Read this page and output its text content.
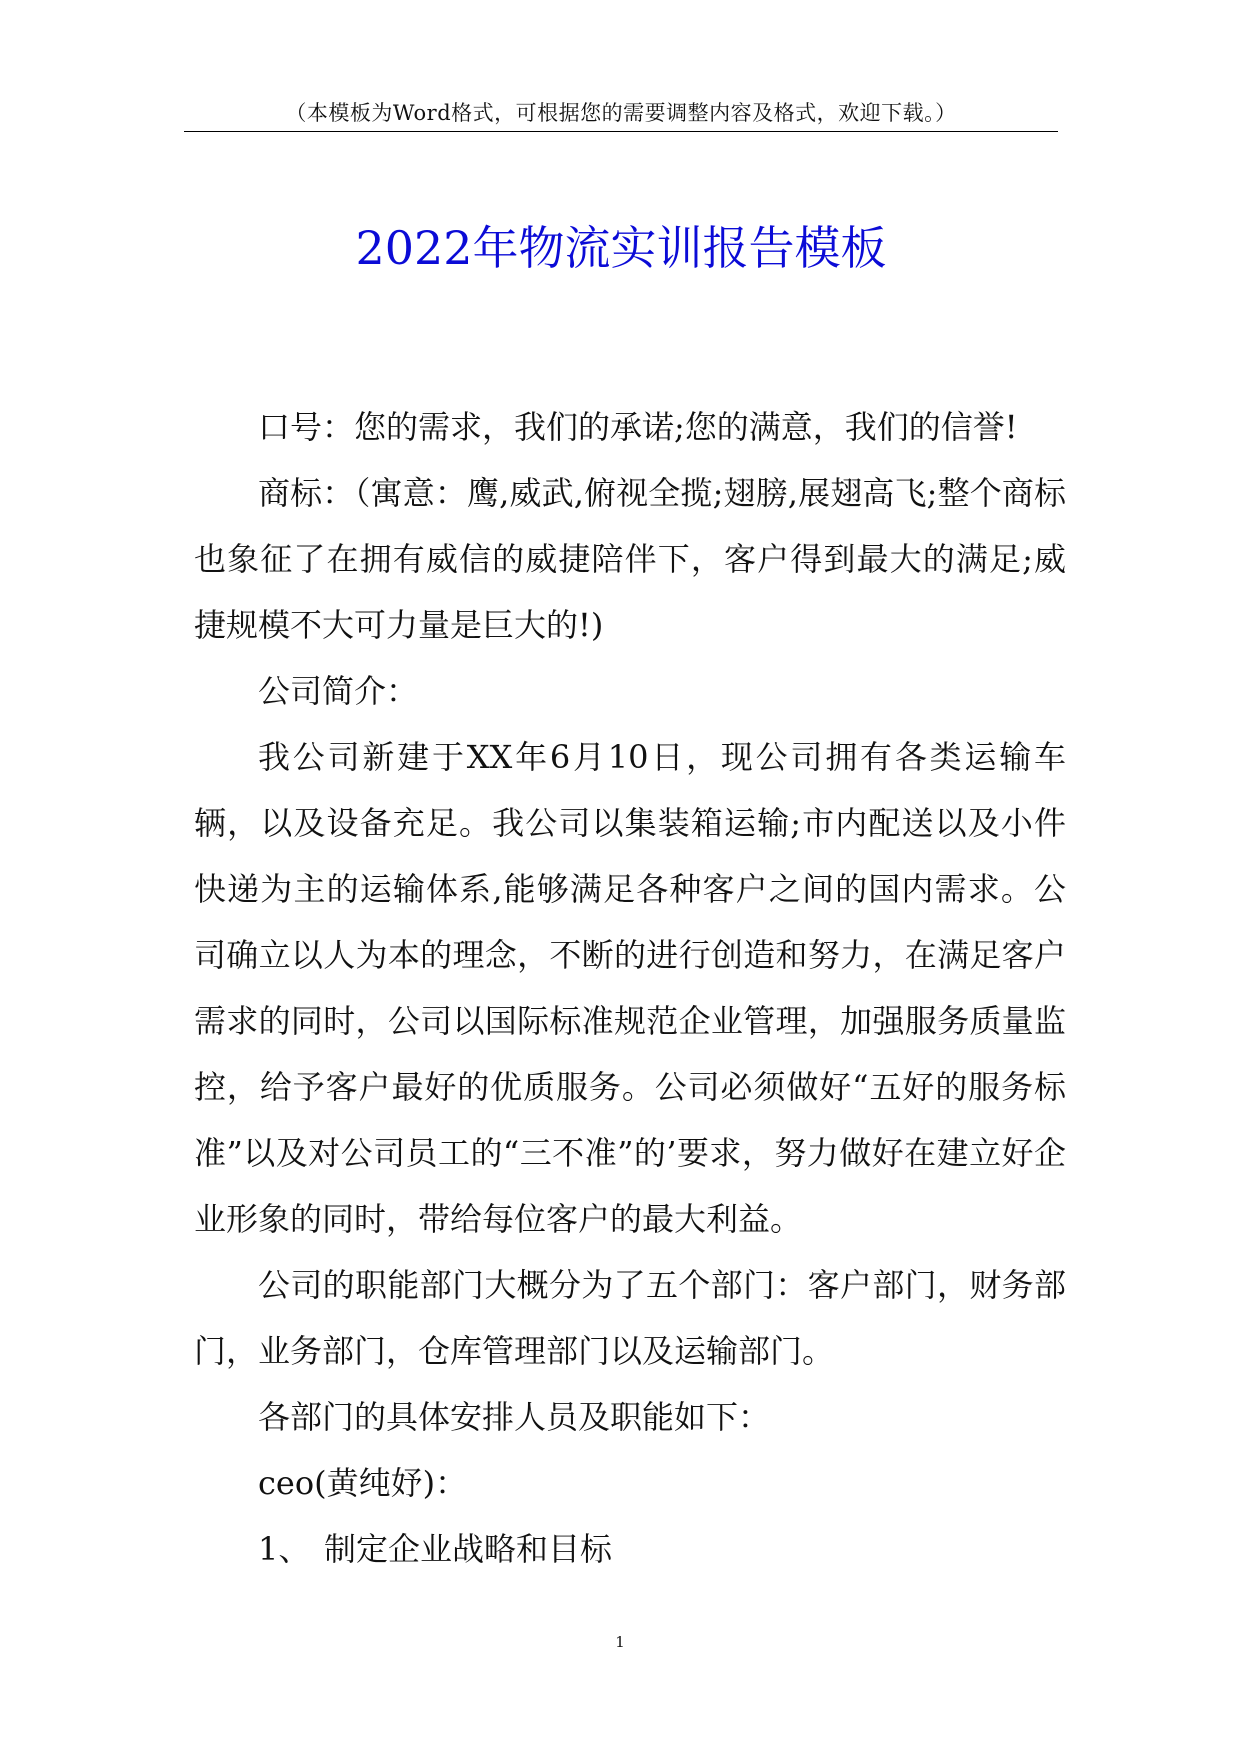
（本模板为Word格式，可根据您的需要调整内容及格式，欢迎下载。）
2022年物流实训报告模板

口号：您的需求，我们的承诺;您的满意，我们的信誉!

商标：（寓意：鹰,威武,俯视全揽;翅膀,展翅高飞;整个商标也象征了在拥有威信的威捷陪伴下，客户得到最大的满足;威捷规模不大可力量是巨大的!)

公司简介：

我公司新建于XX年6月10日，现公司拥有各类运输车辆，以及设备充足。我公司以集装箱运输;市内配送以及小件快递为主的运输体系,能够满足各种客户之间的国内需求。公司确立以人为本的理念，不断的进行创造和努力，在满足客户需求的同时，公司以国际标准规范企业管理，加强服务质量监控，给予客户最好的优质服务。公司必须做好“五好的服务标准”以及对公司员工的“三不准”的’要求，努力做好在建立好企业形象的同时，带给每位客户的最大利益。

公司的职能部门大概分为了五个部门：客户部门，财务部门，业务部门，仓库管理部门以及运输部门。

各部门的具体安排人员及职能如下：

ceo(黄纯妤)：

1、 制定企业战略和目标

1
